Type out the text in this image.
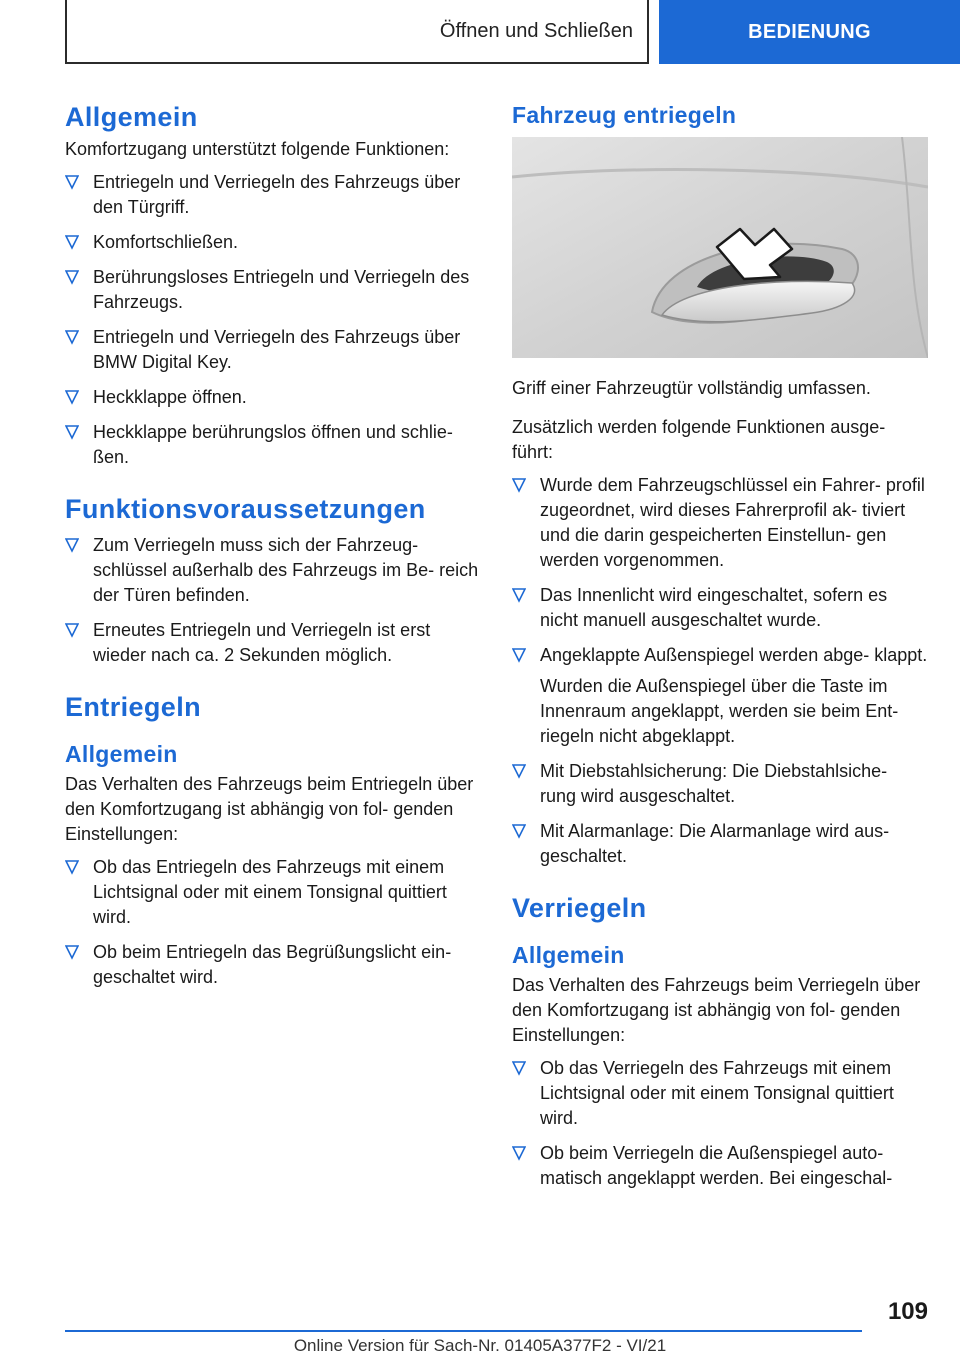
Öffnen und Schließen	BEDIENUNG
Allgemein

Komfortzugang unterstützt folgende Funktionen:

Entriegeln und Verriegeln des Fahrzeugs über den Türgriff.
Komfortschließen.
Berührungsloses Entriegeln und Verriegeln des Fahrzeugs.
Entriegeln und Verriegeln des Fahrzeugs über BMW Digital Key.
Heckklappe öffnen.
Heckklappe berührungslos öffnen und schlie‐ ßen.
Funktionsvoraussetzungen
Zum Verriegeln muss sich der Fahrzeug‐ schlüssel außerhalb des Fahrzeugs im Be‐ reich der Türen befinden.
Erneutes Entriegeln und Verriegeln ist erst wieder nach ca. 2 Sekunden möglich.
Entriegeln
Allgemein

Das Verhalten des Fahrzeugs beim Entriegeln über den Komfortzugang ist abhängig von fol‐ genden Einstellungen:

Ob das Entriegeln des Fahrzeugs mit einem Lichtsignal oder mit einem Tonsignal quittiert wird.
Ob beim Entriegeln das Begrüßungslicht ein‐ geschaltet wird.
Fahrzeug entriegeln

Griff einer Fahrzeugtür vollständig umfassen.

Zusätzlich werden folgende Funktionen ausge‐ führt:

Wurde dem Fahrzeugschlüssel ein Fahrer‐ profil zugeordnet, wird dieses Fahrerprofil ak‐ tiviert und die darin gespeicherten Einstellun‐ gen werden vorgenommen.
Das Innenlicht wird eingeschaltet, sofern es nicht manuell ausgeschaltet wurde.
Angeklappte Außenspiegel werden abge‐ klappt.
Wurden die Außenspiegel über die Taste im Innenraum angeklappt, werden sie beim Ent‐ riegeln nicht abgeklappt.
Mit Diebstahlsicherung: Die Diebstahlsiche‐ rung wird ausgeschaltet.
Mit Alarmanlage: Die Alarmanlage wird aus‐ geschaltet.
Verriegeln
Allgemein

Das Verhalten des Fahrzeugs beim Verriegeln über den Komfortzugang ist abhängig von fol‐ genden Einstellungen:

Ob das Verriegeln des Fahrzeugs mit einem Lichtsignal oder mit einem Tonsignal quittiert wird.
Ob beim Verriegeln die Außenspiegel auto‐ matisch angeklappt werden. Bei eingeschal‐
109
Online Version für Sach-Nr. 01405A377F2 - VI/21
